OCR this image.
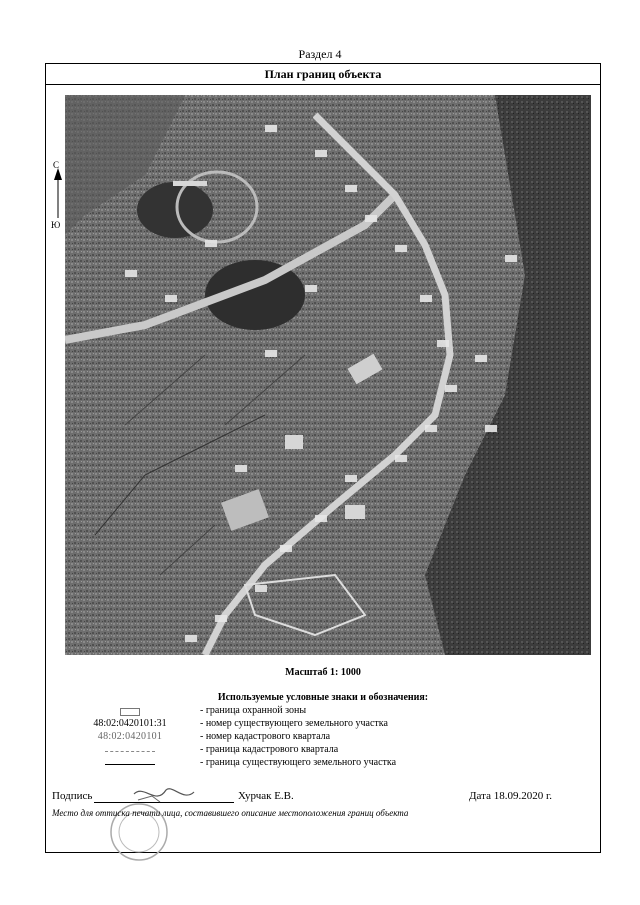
Раздел 4
План границ объекта
С
Ю
Масштаб 1: 1000
Используемые условные знаки и обозначения:
- граница охранной зоны
48:02:0420101:31	- номер существующего земельного участка
48:02:0420101	- номер кадастрового квартала
- граница кадастрового квартала
- граница существующего земельного участка
Подпись	Хурчак Е.В.	Дата 18.09.2020 г.
Место для оттиска печати лица, составившего описание местоположения границ объекта
